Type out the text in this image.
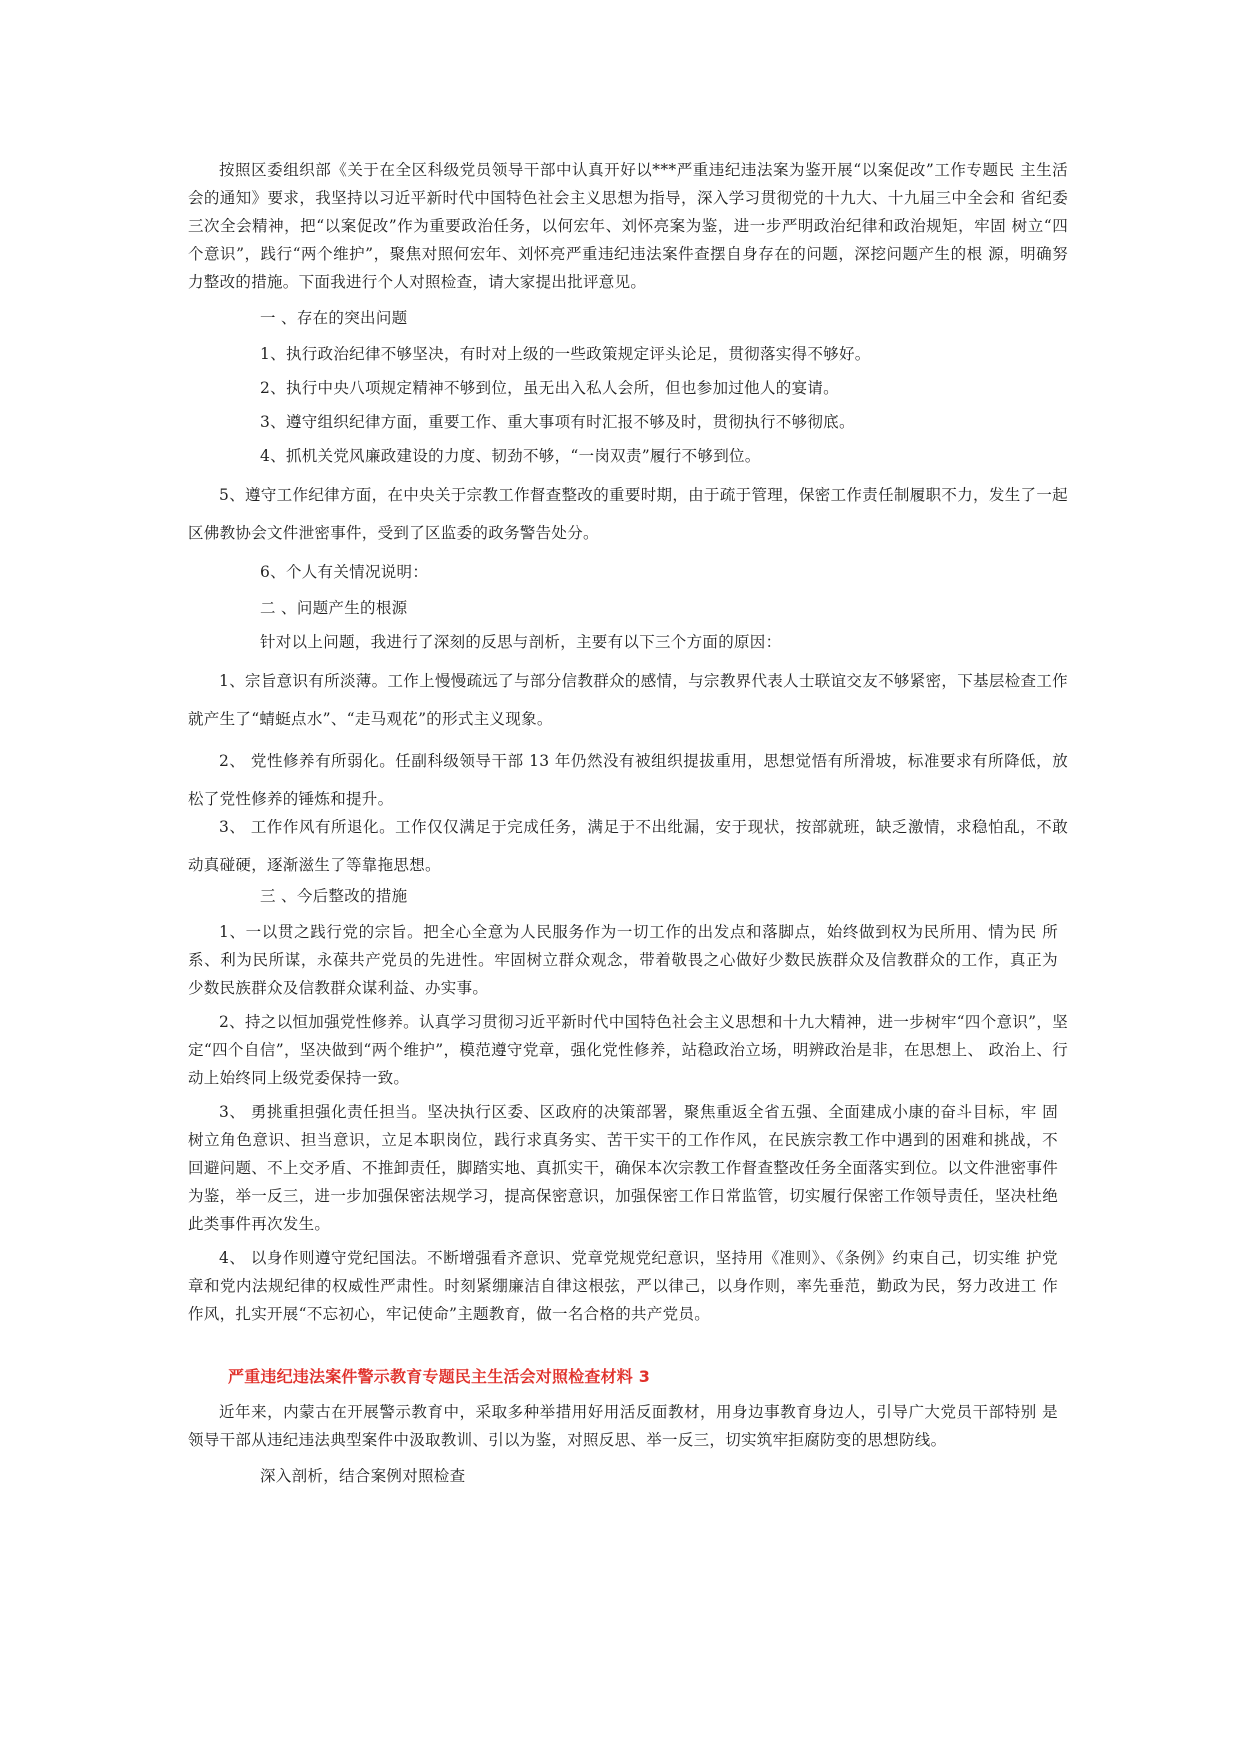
按照区委组织部《关于在全区科级党员领导干部中认真开好以***严重违纪违法案为鉴开展“以案促改”工作专题民 主生活会的通知》要求，我坚持以习近平新时代中国特色社会主义思想为指导，深入学习贯彻党的十九大、十九届三中全会和 省纪委三次全会精神，把“以案促改”作为重要政治任务，以何宏年、刘怀亮案为鉴，进一步严明政治纪律和政治规矩，牢固 树立“四个意识”，践行“两个维护”，聚焦对照何宏年、刘怀亮严重违纪违法案件查摆自身存在的问题，深挖问题产生的根 源，明确努力整改的措施。下面我进行个人对照检查，请大家提出批评意见。

一 、存在的突出问题

1、执行政治纪律不够坚决，有时对上级的一些政策规定评头论足，贯彻落实得不够好。

2、执行中央八项规定精神不够到位，虽无出入私人会所，但也参加过他人的宴请。

3、遵守组织纪律方面，重要工作、重大事项有时汇报不够及时，贯彻执行不够彻底。

4、抓机关党风廉政建设的力度、韧劲不够，“一岗双责”履行不够到位。

5、遵守工作纪律方面，在中央关于宗教工作督查整改的重要时期，由于疏于管理，保密工作责任制履职不力，发生了一起区佛教协会文件泄密事件，受到了区监委的政务警告处分。

6、个人有关情况说明：

二 、问题产生的根源

针对以上问题，我进行了深刻的反思与剖析，主要有以下三个方面的原因：

1、宗旨意识有所淡薄。工作上慢慢疏远了与部分信教群众的感情，与宗教界代表人士联谊交友不够紧密，下基层检查工作就产生了“蜻蜓点水”、“走马观花”的形式主义现象。

2、 党性修养有所弱化。任副科级领导干部 13 年仍然没有被组织提拔重用，思想觉悟有所滑坡，标准要求有所降低，放松了党性修养的锤炼和提升。

3、 工作作风有所退化。工作仅仅满足于完成任务，满足于不出纰漏，安于现状，按部就班，缺乏激情，求稳怕乱，不敢动真碰硬，逐渐滋生了等靠拖思想。

三 、今后整改的措施

1、一以贯之践行党的宗旨。把全心全意为人民服务作为一切工作的出发点和落脚点，始终做到权为民所用、情为民 所系、利为民所谋，永葆共产党员的先进性。牢固树立群众观念，带着敬畏之心做好少数民族群众及信教群众的工作，真正为 少数民族群众及信教群众谋利益、办实事。

2、持之以恒加强党性修养。认真学习贯彻习近平新时代中国特色社会主义思想和十九大精神，进一步树牢“四个意识”，坚定“四个自信”，坚决做到“两个维护”，模范遵守党章，强化党性修养，站稳政治立场，明辨政治是非，在思想上、 政治上、行动上始终同上级党委保持一致。

3、 勇挑重担强化责任担当。坚决执行区委、区政府的决策部署，聚焦重返全省五强、全面建成小康的奋斗目标，牢 固树立角色意识、担当意识，立足本职岗位，践行求真务实、苦干实干的工作作风，在民族宗教工作中遇到的困难和挑战，不 回避问题、不上交矛盾、不推卸责任，脚踏实地、真抓实干，确保本次宗教工作督查整改任务全面落实到位。以文件泄密事件 为鉴，举一反三，进一步加强保密法规学习，提高保密意识，加强保密工作日常监管，切实履行保密工作领导责任，坚决杜绝 此类事件再次发生。

4、 以身作则遵守党纪国法。不断增强看齐意识、党章党规党纪意识，坚持用《准则》、《条例》约束自己，切实维 护党章和党内法规纪律的权威性严肃性。时刻紧绷廉洁自律这根弦，严以律己，以身作则，率先垂范，勤政为民，努力改进工 作作风，扎实开展“不忘初心，牢记使命”主题教育，做一名合格的共产党员。

严重违纪违法案件警示教育专题民主生活会对照检查材料 3

近年来，内蒙古在开展警示教育中，采取多种举措用好用活反面教材，用身边事教育身边人，引导广大党员干部特别 是领导干部从违纪违法典型案件中汲取教训、引以为鉴，对照反思、举一反三，切实筑牢拒腐防变的思想防线。

深入剖析，结合案例对照检查
